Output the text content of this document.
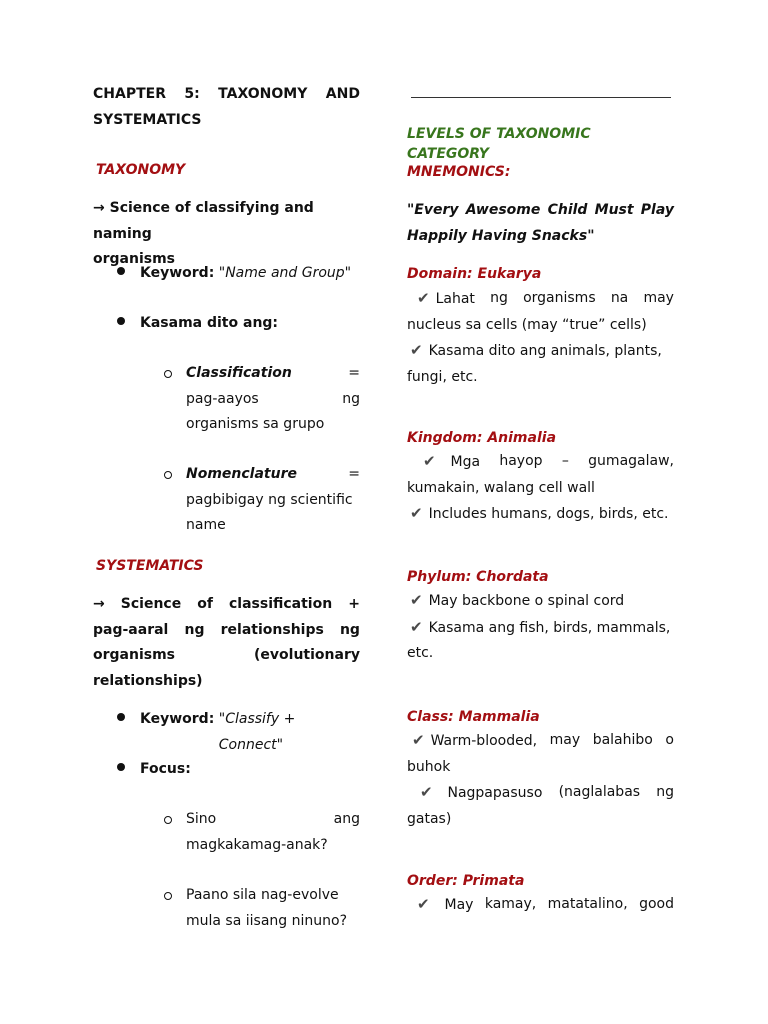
CHAPTER 5: TAXONOMY AND
SYSTEMATICS
TAXONOMY
→ Science of classifying and naming
organisms
Keyword:
"Name and Group"
Kasama dito ang:
Classification	=
pag-aayos	ng
organisms sa grupo
Nomenclature	=
pagbibigay ng scientific
name
SYSTEMATICS
→ Science of classification +
pag-aaral ng relationships ng
organisms	(evolutionary
relationships)
Keyword:
"Classify + Connect"
Focus:
Sino	ang
magkakamag-anak?
Paano sila nag-evolve
mula sa iisang ninuno?
LEVELS OF TAXONOMIC CATEGORY
MNEMONICS:
"Every Awesome Child Must Play
Happily Having Snacks"
Domain: Eukarya
✔ Lahat ng organisms na may
nucleus sa cells (may “true” cells)
✔ Kasama dito ang animals, plants,
fungi, etc.
Kingdom: Animalia
✔ Mga hayop – gumagalaw,
kumakain, walang cell wall
✔ Includes humans, dogs, birds, etc.
Phylum: Chordata
✔ May backbone o spinal cord
✔ Kasama ang fish, birds, mammals,
etc.
Class: Mammalia
✔ Warm-blooded, may balahibo o
buhok
✔ Nagpapasuso (naglalabas ng
gatas)
Order: Primata
✔ May kamay, matatalino, good
